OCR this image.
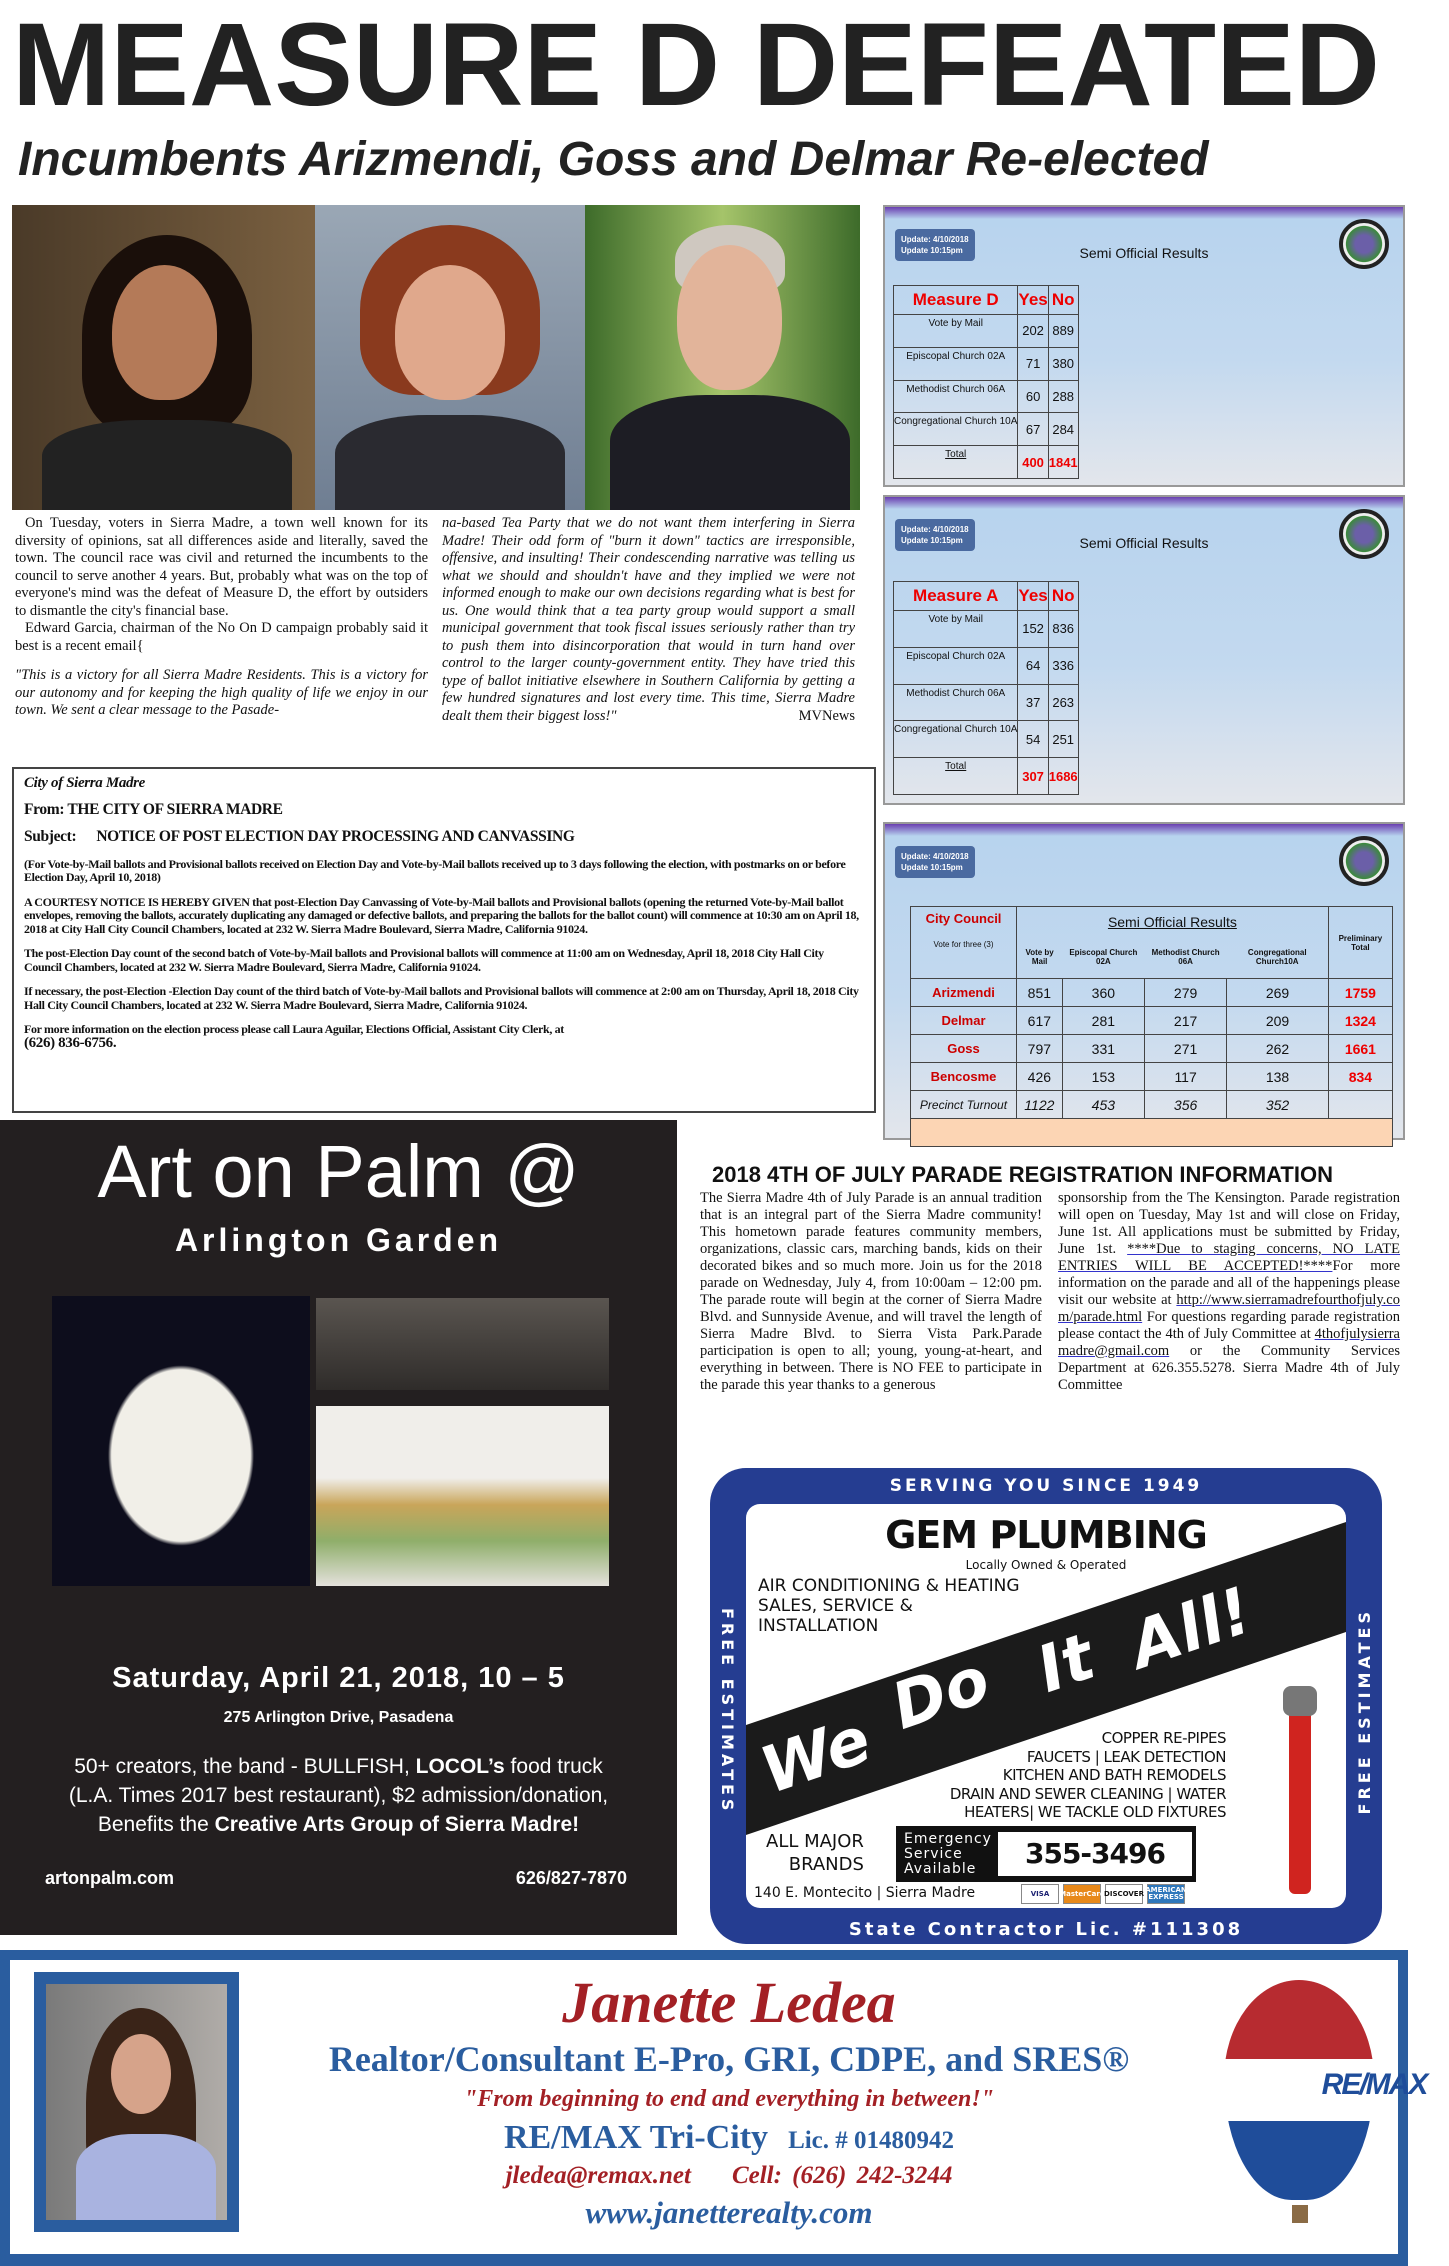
MEASURE D DEFEATED
Incumbents Arizmendi, Goss and Delmar Re-elected

On Tuesday, voters in Sierra Madre, a town well known for its diversity of opinions, sat all differences aside and literally, saved the town. The council race was civil and returned the incumbents to the council to serve another 4 years. But, probably what was on the top of everyone's mind was the defeat of Measure D, the effort by outsiders to dismantle the city's financial base.

Edward Garcia, chairman of the No On D campaign probably said it best is a recent email{

"This is a victory for all Sierra Madre Residents. This is a victory for our autonomy and for keeping the high quality of life we enjoy in our town. We sent a clear message to the Pasade-

na-based Tea Party that we do not want them interfering in Sierra Madre! Their odd form of "burn it down" tactics are irresponsible, offensive, and insulting! Their condescending narrative was telling us what we should and shouldn't have and they implied we were not informed enough to make our own decisions regarding what is best for us. One would think that a tea party group would support a small municipal government that took fiscal issues seriously rather than try to push them into disincorporation that would in turn hand over control to the larger county-government entity. They have tried this type of ballot initiative elsewhere in Southern California by getting a few hundred signatures and lost every time. This time, Sierra Madre dealt them their biggest loss!"	MVNews

City of Sierra Madre
From: THE CITY OF SIERRA MADRE
Subject: NOTICE OF POST ELECTION DAY PROCESSING AND CANVASSING

(For Vote-by-Mail ballots and Provisional ballots received on Election Day and Vote-by-Mail ballots received up to 3 days following the election, with postmarks on or before Election Day, April 10, 2018)

A COURTESY NOTICE IS HEREBY GIVEN that post-Election Day Canvassing of Vote-by-Mail ballots and Provisional ballots (opening the returned Vote-by-Mail ballot envelopes, removing the ballots, accurately duplicating any damaged or defective ballots, and preparing the ballots for the ballot count) will commence at 10:30 am on April 18, 2018 at City Hall City Council Chambers, located at 232 W. Sierra Madre Boulevard, Sierra Madre, California 91024.

The post-Election Day count of the second batch of Vote-by-Mail ballots and Provisional ballots will commence at 11:00 am on Wednesday, April 18, 2018 City Hall City Council Chambers, located at 232 W. Sierra Madre Boulevard, Sierra Madre, California 91024.

If necessary, the post-Election -Election Day count of the third batch of Vote-by-Mail ballots and Provisional ballots will commence at 2:00 am on Thursday, April 18, 2018 City Hall City Council Chambers, located at 232 W. Sierra Madre Boulevard, Sierra Madre, California 91024.

For more information on the election process please call Laura Aguilar, Elections Official, Assistant City Clerk, at
(626) 836-6756.
Update: 4/10/2018
Update 10:15pm	Semi Official Results
Measure D	Yes	No
Vote by Mail	202	889
Episcopal Church 02A	71	380
Methodist Church 06A	60	288
Congregational Church 10A	67	284
Total	400	1841
Update: 4/10/2018
Update 10:15pm	Semi Official Results
Measure A	Yes	No
Vote by Mail	152	836
Episcopal Church 02A	64	336
Methodist Church 06A	37	263
Congregational Church 10A	54	251
Total	307	1686
Update: 4/10/2018
Update 10:15pm
City Council
Vote for three (3)	Semi Official Results				Preliminary Total
	Vote by Mail	Episcopal Church 02A	Methodist Church 06A	Congregational Church10A	
Arizmendi	851	360	279	269	1759
Delmar	617	281	217	209	1324
Goss	797	331	271	262	1661
Bencosme	426	153	117	138	834
Precinct Turnout	1122	453	356	352	

Art on Palm @
Arlington Garden
Saturday, April 21, 2018, 10 – 5
275 Arlington Drive, Pasadena
50+ creators, the band - BULLFISH, LOCOL’s food truck
(L.A. Times 2017 best restaurant), $2 admission/donation,
Benefits the Creative Arts Group of Sierra Madre!
artonpalm.com	626/827-7870
2018 4TH OF JULY PARADE REGISTRATION INFORMATION
The Sierra Madre 4th of July Parade is an annual tradition that is an integral part of the Sierra Madre community! This hometown parade features community members, organizations, classic cars, marching bands, kids on their decorated bikes and so much more. Join us for the 2018 parade on Wednesday, July 4, from 10:00am – 12:00 pm. The parade route will begin at the corner of Sierra Madre Blvd. and Sunnyside Avenue, and will travel the length of Sierra Madre Blvd. to Sierra Vista Park.Parade participation is open to all; young, young-at-heart, and everything in between. There is NO FEE to participate in the parade this year thanks to a generous
sponsorship from the The Kensington. Parade registration will open on Tuesday, May 1st and will close on Friday, June 1st. All applications must be submitted by Friday, June 1st. ****Due to staging concerns, NO LATE ENTRIES WILL BE ACCEPTED!****For more information on the parade and all of the happenings please visit our website at http://www.sierramadrefourthofjuly.com/parade.html For questions regarding parade registration please contact the 4th of July Committee at 4thofjulysierramadre@gmail.com or the Community Services Department at 626.355.5278. Sierra Madre 4th of July Committee
SERVING YOU SINCE 1949
FREE ESTIMATES	FREE ESTIMATES
We
Do It All!
GEM PLUMBING
Locally Owned & Operated
AIR CONDITIONING & HEATING
SALES, SERVICE &
INSTALLATION
COPPER RE-PIPES
FAUCETS | LEAK DETECTION
KITCHEN AND BATH REMODELS
DRAIN AND SEWER CLEANING | WATER
HEATERS| WE TACKLE OLD FIXTURES
ALL MAJOR
BRANDS
Emergency
Service
Available	355-3496
140 E. Montecito | Sierra Madre	VISA	MasterCard DISCOVER AMERICAN EXPRESS
State Contractor Lic. #111308
Janette Ledea
Realtor/Consultant E-Pro, GRI, CDPE, and SRES®
"From beginning to end and everything in between!"
RE/MAX Tri-City Lic. # 01480942
jledea@remax.net Cell: (626) 242-3244
www.janetterealty.com
RE/MAX
